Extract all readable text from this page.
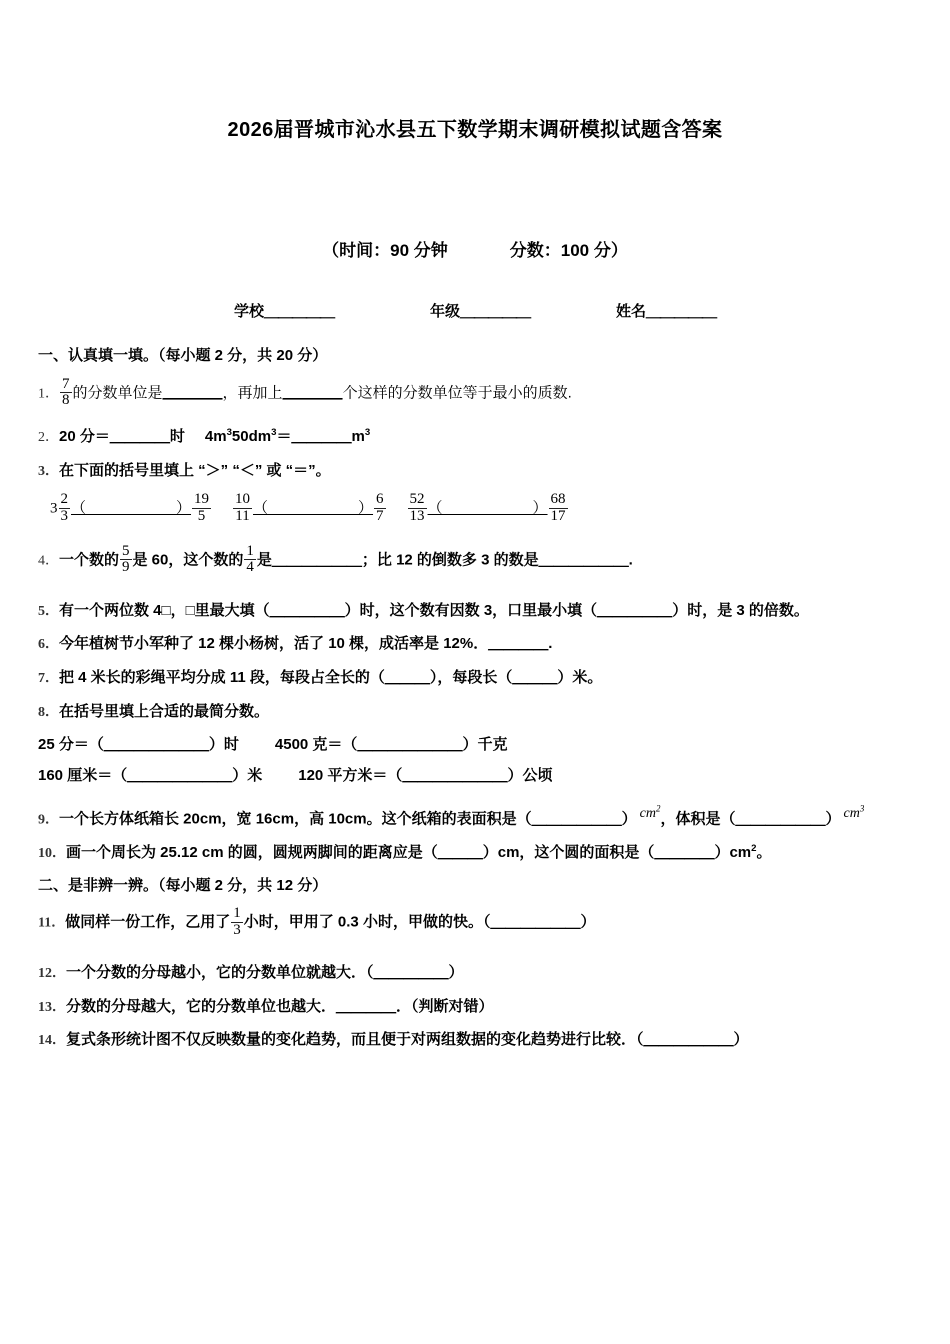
2026届晋城市沁水县五下数学期末调研模拟试题含答案
（时间：90 分钟	分数：100 分）
学校＿＿＿＿＿	年级＿＿＿＿＿	姓名＿＿＿＿＿
一、认真填一填。（每小题 2 分，共 20 分）
1． $\frac{7}{8}$ 的分数单位是＿＿＿＿，再加上＿＿＿＿个这样的分数单位等于最小的质数.
2．20 分＝＿＿＿＿时 $4m^350dm^3=\_\_\_\_m^3$
3．在下面的括号里填上 “＞” “＜” 或 “＝”。
$3 \frac{2}{3}$ （＿＿＿＿＿＿） $\frac{19}{5} \frac{10}{11}$ （＿＿＿＿＿＿） $\frac{6}{7} \frac{52}{13}$ （＿＿＿＿＿＿） $\frac{68}{17}$
4．一个数的 $\frac{5}{9}$ 是 60，这个数的 $\frac{1}{4}$ 是＿＿＿＿＿＿；比 12 的倒数多 3 的数是＿＿＿＿＿＿.
5．有一个两位数 4□，□里最大填（＿＿＿＿＿）时，这个数有因数 3，口里最小填（＿＿＿＿＿）时，是 3 的倍数。
6．今年植树节小军种了 12 棵小杨树，活了 10 棵，成活率是 12%．＿＿＿＿.
7．把 4 米长的彩绳平均分成 11 段，每段占全长的（＿＿＿），每段长（＿＿＿）米。
8．在括号里填上合适的最简分数。
25 分＝（＿＿＿＿＿＿＿）时 4500 克＝（＿＿＿＿＿＿＿）千克
160 厘米＝（＿＿＿＿＿＿＿）米 120 平方米＝（＿＿＿＿＿＿＿）公顷
9．一个长方体纸箱长 20cm，宽 16cm，高 10cm。这个纸箱的表面积是（＿＿＿＿＿＿） $cm^2$，体积是（＿＿＿＿＿＿） $cm^3$
10．画一个周长为 25.12 cm 的圆，圆规两脚间的距离应是（＿＿＿）cm，这个圆的面积是$(\_\_\_\_)cm^2$。
二、是非辨一辨。（每小题 2 分，共 12 分）
11．做同样一份工作，乙用了 $\frac{1}{3}$ 小时，甲用了 0.3 小时，甲做的快。（＿＿＿＿＿＿）
12．一个分数的分母越小，它的分数单位就越大．（＿＿＿＿＿）
13．分数的分母越大，它的分数单位也越大．＿＿＿＿．（判断对错）
14．复式条形统计图不仅反映数量的变化趋势，而且便于对两组数据的变化趋势进行比较．（＿＿＿＿＿＿）
